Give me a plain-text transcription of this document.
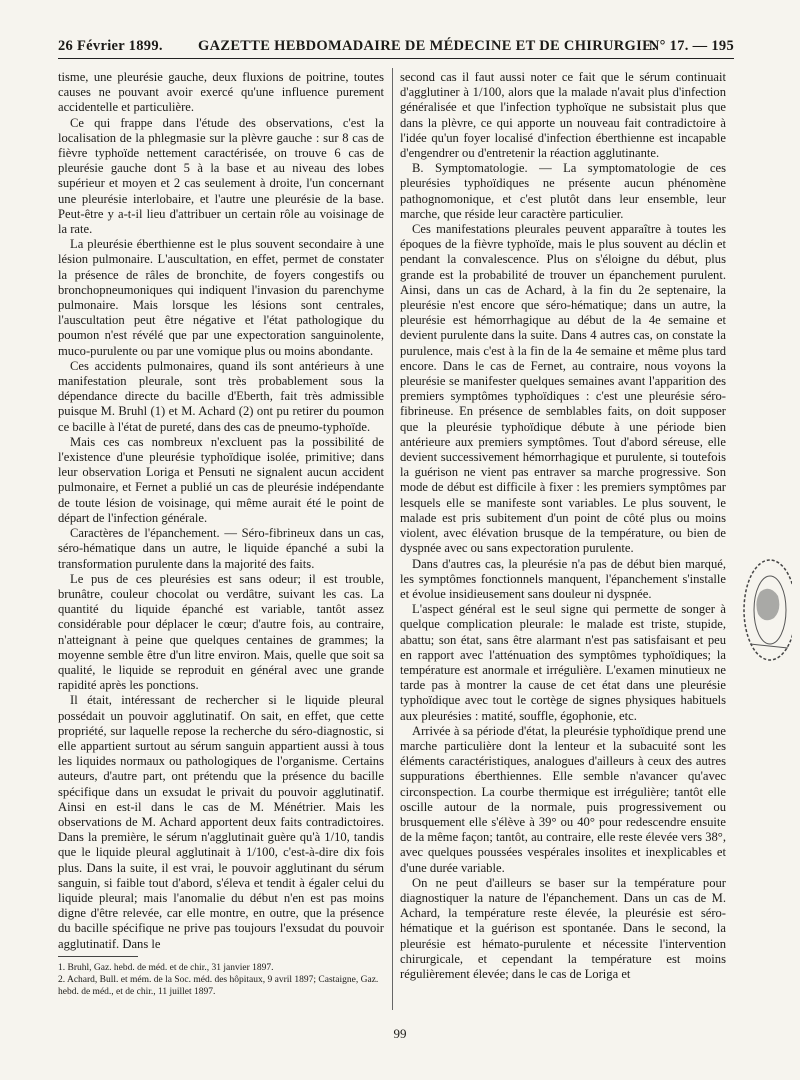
26 Février 1899. GAZETTE HEBDOMADAIRE DE MÉDECINE ET DE CHIRURGIE.
N° 17. — 195

tisme, une pleurésie gauche, deux fluxions de poitrine, toutes causes ne pouvant avoir exercé qu'une influence purement accidentelle et particulière.

Ce qui frappe dans l'étude des observations, c'est la localisation de la phlegmasie sur la plèvre gauche : sur 8 cas de fièvre typhoïde nettement caractérisée, on trouve 6 cas de pleurésie gauche dont 5 à la base et au niveau des lobes supérieur et moyen et 2 cas seulement à droite, l'un concernant une pleurésie interlobaire, et l'autre une pleurésie de la base. Peut-être y a-t-il lieu d'attribuer un certain rôle au voisinage de la rate.

La pleurésie éberthienne est le plus souvent secondaire à une lésion pulmonaire. L'auscultation, en effet, permet de constater la présence de râles de bronchite, de foyers congestifs ou bronchopneumoniques qui indiquent l'invasion du parenchyme pulmonaire. Mais lorsque les lésions sont centrales, l'auscultation peut être négative et l'état pathologique du poumon n'est révélé que par une expectoration sanguinolente, muco-purulente ou par une vomique plus ou moins abondante.

Ces accidents pulmonaires, quand ils sont antérieurs à une manifestation pleurale, sont très probablement sous la dépendance directe du bacille d'Eberth, fait très admissible puisque M. Bruhl (1) et M. Achard (2) ont pu retirer du poumon ce bacille à l'état de pureté, dans des cas de pneumo-typhoïde.

Mais ces cas nombreux n'excluent pas la possibilité de l'existence d'une pleurésie typhoïdique isolée, primitive; dans leur observation Loriga et Pensuti ne signalent aucun accident pulmonaire, et Fernet a publié un cas de pleurésie indépendante de toute lésion de voisinage, qui même aurait été le point de départ de l'infection générale.

Caractères de l'épanchement. — Séro-fibrineux dans un cas, séro-hématique dans un autre, le liquide épanché a subi la transformation purulente dans la majorité des faits.

Le pus de ces pleurésies est sans odeur; il est trouble, brunâtre, couleur chocolat ou verdâtre, suivant les cas. La quantité du liquide épanché est variable, tantôt assez considérable pour déplacer le cœur; d'autre fois, au contraire, n'atteignant à peine que quelques centaines de grammes; la moyenne semble être d'un litre environ. Mais, quelle que soit sa qualité, le liquide se reproduit en général avec une grande rapidité après les ponctions.

Il était, intéressant de rechercher si le liquide pleural possédait un pouvoir agglutinatif. On sait, en effet, que cette propriété, sur laquelle repose la recherche du séro-diagnostic, si elle appartient surtout au sérum sanguin appartient aussi à tous les liquides normaux ou pathologiques de l'organisme. Certains auteurs, d'autre part, ont prétendu que la présence du bacille spécifique dans un exsudat le privait du pouvoir agglutinatif. Ainsi en est-il dans le cas de M. Ménétrier. Mais les observations de M. Achard apportent deux faits contradictoires. Dans la première, le sérum n'agglutinait guère qu'à 1/10, tandis que le liquide pleural agglutinait à 1/100, c'est-à-dire dix fois plus. Dans la suite, il est vrai, le pouvoir agglutinant du sérum sanguin, si faible tout d'abord, s'éleva et tendit à égaler celui du liquide pleural; mais l'anomalie du début n'en est pas moins digne d'être relevée, car elle montre, en outre, que la présence du bacille spécifique ne prive pas toujours l'exsudat du pouvoir agglutinatif. Dans le

second cas il faut aussi noter ce fait que le sérum continuait d'agglutiner à 1/100, alors que la malade n'avait plus d'infection généralisée et que l'infection typhoïque ne subsistait plus que dans la plèvre, ce qui apporte un nouveau fait contradictoire à l'idée qu'un foyer localisé d'infection éberthienne est incapable d'engendrer ou d'entretenir la réaction agglutinante.

B. Symptomatologie. — La symptomatologie de ces pleurésies typhoïdiques ne présente aucun phénomène pathognomonique, et c'est plutôt dans leur ensemble, leur marche, que réside leur caractère particulier.

Ces manifestations pleurales peuvent apparaître à toutes les époques de la fièvre typhoïde, mais le plus souvent au déclin et pendant la convalescence. Plus on s'éloigne du début, plus grande est la probabilité de trouver un épanchement purulent. Ainsi, dans un cas de Achard, à la fin du 2e septenaire, la pleurésie n'est encore que séro-hématique; dans un autre, la pleurésie est hémorrhagique au début de la 4e semaine et devient purulente dans la suite. Dans 4 autres cas, on constate la purulence, mais c'est à la fin de la 4e semaine et même plus tard encore. Dans le cas de Fernet, au contraire, nous voyons la pleurésie se manifester quelques semaines avant l'apparition des premiers symptômes typhoïdiques : c'est une pleurésie séro-fibrineuse. En présence de semblables faits, on doit supposer que la pleurésie typhoïdique débute à une période bien antérieure aux premiers symptômes. Tout d'abord séreuse, elle devient successivement hémorrhagique et purulente, si toutefois la guérison ne vient pas entraver sa marche progressive. Son mode de début est difficile à fixer : les premiers symptômes par lesquels elle se manifeste sont variables. Le plus souvent, le malade est pris subitement d'un point de côté plus ou moins violent, avec élévation brusque de la température, ou bien de dyspnée avec ou sans expectoration purulente.

Dans d'autres cas, la pleurésie n'a pas de début bien marqué, les symptômes fonctionnels manquent, l'épanchement s'installe et évolue insidieusement sans douleur ni dyspnée.

L'aspect général est le seul signe qui permette de songer à quelque complication pleurale: le malade est triste, stupide, abattu; son état, sans être alarmant n'est pas satisfaisant et peu en rapport avec l'atténuation des symptômes typhoïdiques; la température est anormale et irrégulière. L'examen minutieux ne tarde pas à montrer la cause de cet état dans une pleurésie typhoïdique avec tout le cortège de signes physiques habituels aux pleurésies : matité, souffle, égophonie, etc.

Arrivée à sa période d'état, la pleurésie typhoïdique prend une marche particulière dont la lenteur et la subacuité sont les éléments caractéristiques, analogues d'ailleurs à ceux des autres suppurations éberthiennes. Elle semble n'avancer qu'avec circonspection. La courbe thermique est irrégulière; tantôt elle oscille autour de la normale, puis progressivement ou brusquement elle s'élève à 39° ou 40° pour redescendre ensuite de la même façon; tantôt, au contraire, elle reste élevée vers 38°, avec quelques poussées vespérales insolites et inexplicables et d'une durée variable.

On ne peut d'ailleurs se baser sur la température pour diagnostiquer la nature de l'épanchement. Dans un cas de M. Achard, la température reste élevée, la pleurésie est séro-hématique et la guérison est spontanée. Dans le second, la pleurésie est hémato-purulente et nécessite l'intervention chirurgicale, et cependant la température est moins régulièrement élevée; dans le cas de Loriga et

1. Bruhl, Gaz. hebd. de méd. et de chir., 31 janvier 1897.
2. Achard, Bull. et mém. de la Soc. méd. des hôpitaux, 9 avril 1897; Castaigne, Gaz. hebd. de méd., et de chir., 11 juillet 1897.
99
